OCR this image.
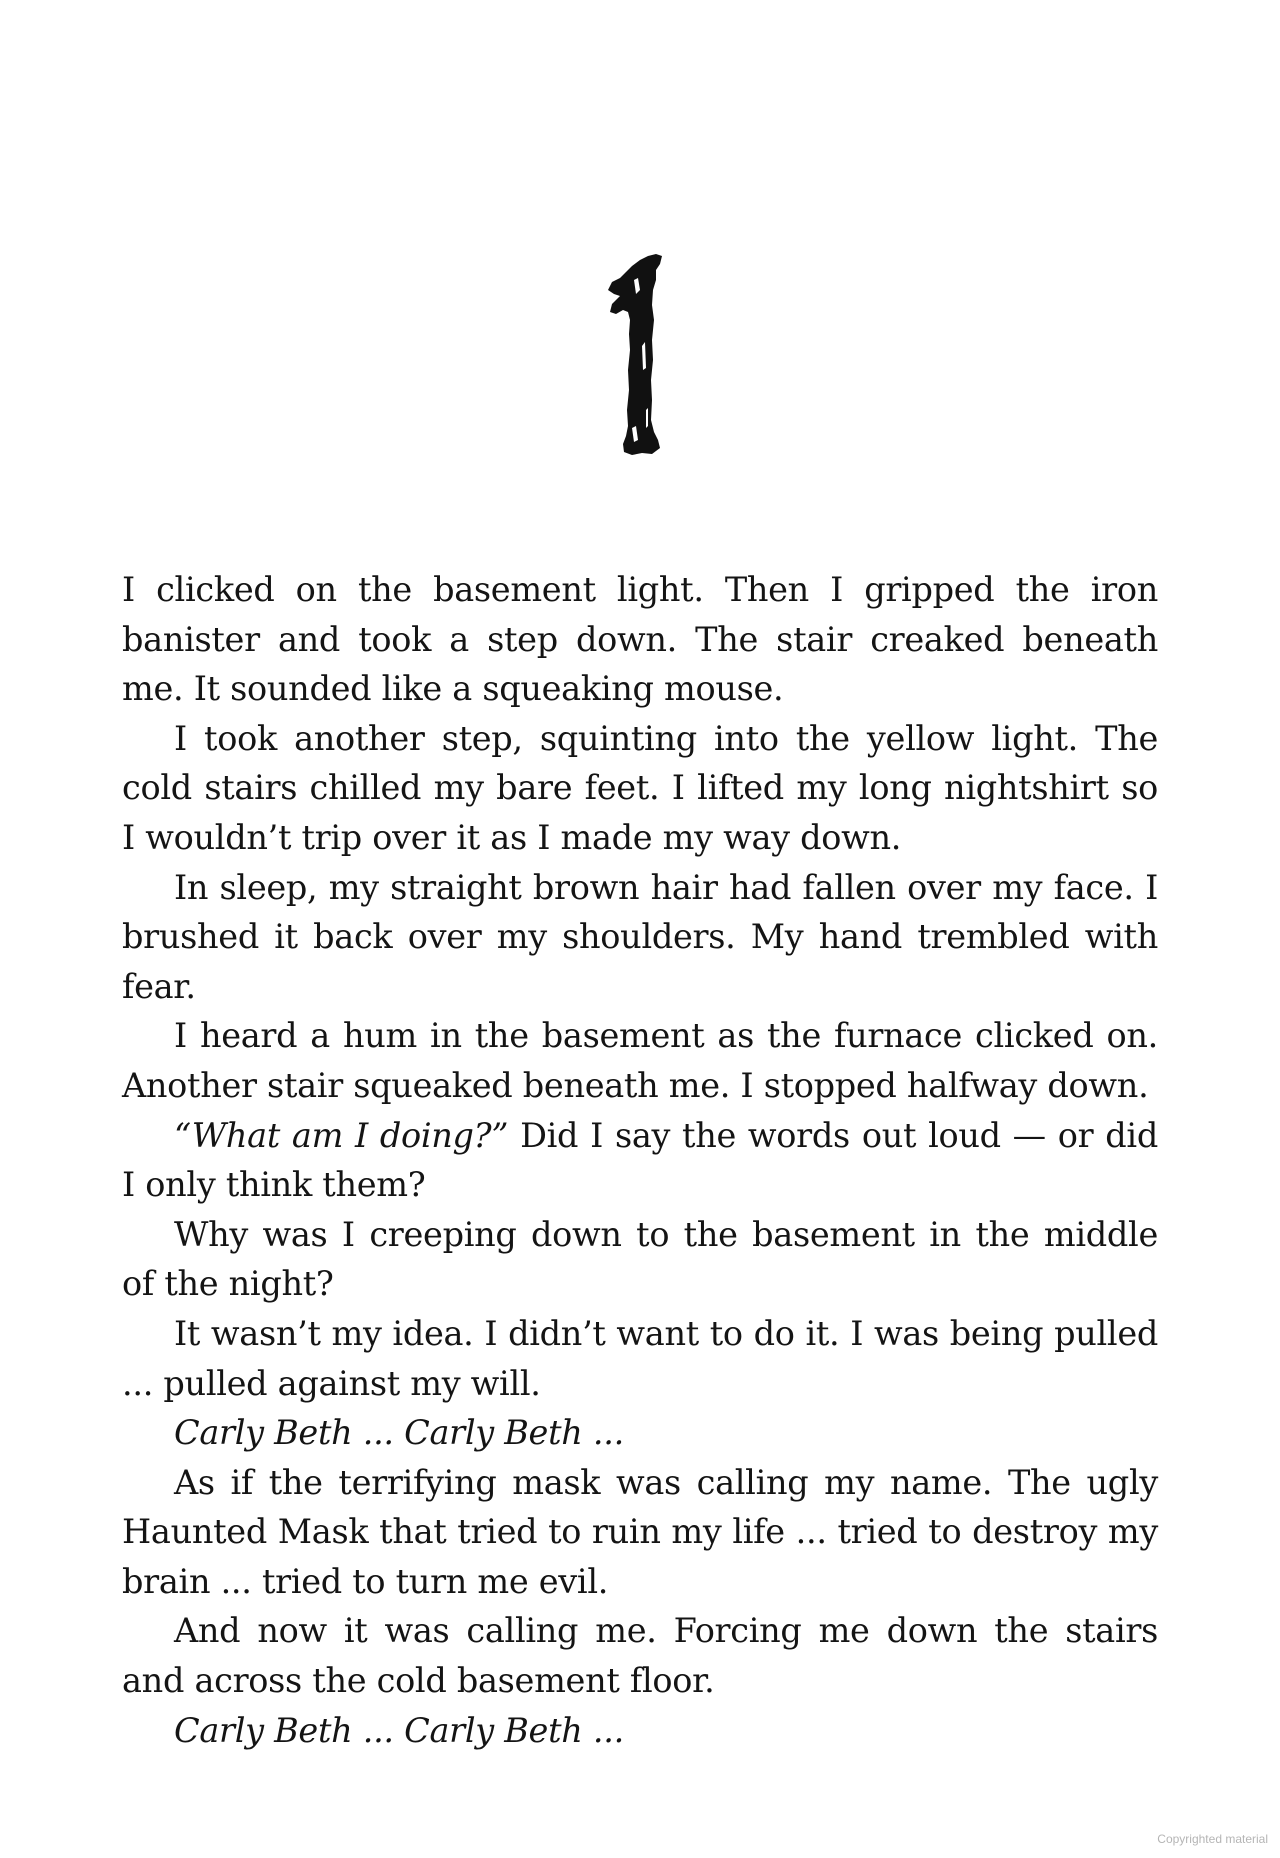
I clicked on the basement light. Then I gripped the iron banister and took a step down. The stair creaked beneath me. It sounded like a squeaking mouse.

I took another step, squinting into the yellow light. The cold stairs chilled my bare feet. I lifted my long nightshirt so I wouldn’t trip over it as I made my way down.

In sleep, my straight brown hair had fallen over my face. I brushed it back over my shoulders. My hand trembled with fear.

I heard a hum in the basement as the furnace clicked on. Another stair squeaked beneath me. I stopped halfway down.

“What am I doing?” Did I say the words out loud — or did I only think them?

Why was I creeping down to the basement in the middle of the night?

It wasn’t my idea. I didn’t want to do it. I was being pulled ... pulled against my will.

Carly Beth ... Carly Beth ...

As if the terrifying mask was calling my name. The ugly Haunted Mask that tried to ruin my life ... tried to destroy my brain ... tried to turn me evil.

And now it was calling me. Forcing me down the stairs and across the cold basement floor.

Carly Beth ... Carly Beth ...

Copyrighted material
